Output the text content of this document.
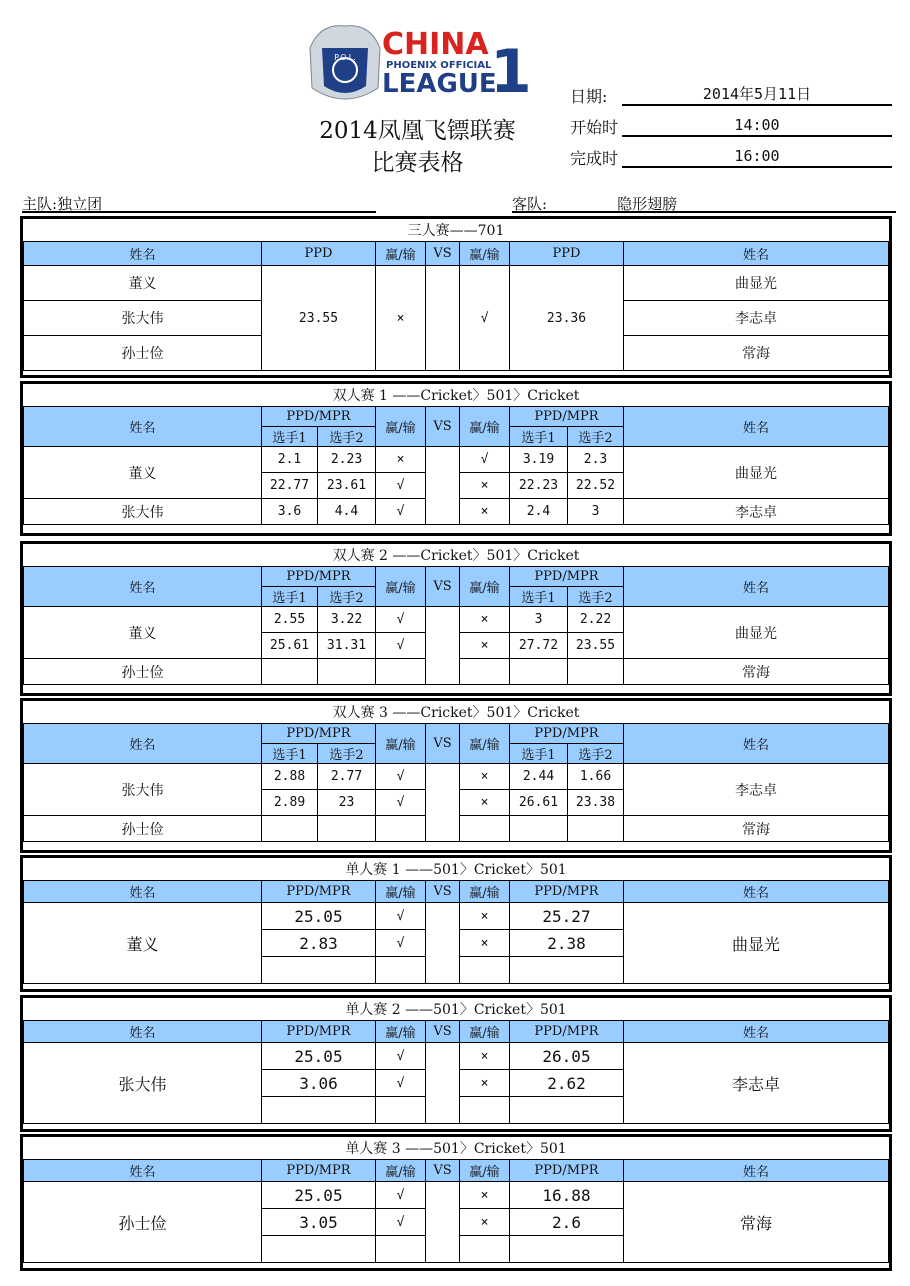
P.O.L. CHINA
PHOENIX OFFICIAL
LEAGUE
1
2014凤凰飞镖联赛
比赛表格
日期:	2014年5月11日
开始时	14:00
完成时	16:00
主队:独立团	客队:	隐形翅膀
三人赛——701						
姓名	PPD	赢/输	VS	赢/输	PPD	姓名
董义	23.55	×		√	23.36	曲显光
张大伟						李志卓
孙士俭						常海
双人赛 1 ——Cricket〉501〉Cricket								
姓名	PPD/MPR		赢/输	VS	赢/输	PPD/MPR		姓名
	选手1	选手2				选手1	选手2	
董义	2.1	2.23	×		√	3.19	2.3	曲显光
	22.77	23.61	√		×	22.23	22.52	
张大伟	3.6	4.4	√		×	2.4	3	李志卓
双人赛 2 ——Cricket〉501〉Cricket								
姓名	PPD/MPR		赢/输	VS	赢/输	PPD/MPR		姓名
	选手1	选手2				选手1	选手2	
董义	2.55	3.22	√		×	3	2.22	曲显光
	25.61	31.31	√		×	27.72	23.55	
孙士俭								常海
双人赛 3 ——Cricket〉501〉Cricket								
姓名	PPD/MPR		赢/输	VS	赢/输	PPD/MPR		姓名
	选手1	选手2				选手1	选手2	
张大伟	2.88	2.77	√		×	2.44	1.66	李志卓
	2.89	23	√		×	26.61	23.38	
孙士俭								常海
单人赛 1 ——501〉Cricket〉501						
姓名	PPD/MPR	赢/输	VS	赢/输	PPD/MPR	姓名
董义	25.05	√		×	25.27	曲显光
	2.83	√		×	2.38	

单人赛 2 ——501〉Cricket〉501						
姓名	PPD/MPR	赢/输	VS	赢/输	PPD/MPR	姓名
张大伟	25.05	√		×	26.05	李志卓
	3.06	√		×	2.62	

单人赛 3 ——501〉Cricket〉501						
姓名	PPD/MPR	赢/输	VS	赢/输	PPD/MPR	姓名
孙士俭	25.05	√		×	16.88	常海
	3.05	√		×	2.6	
